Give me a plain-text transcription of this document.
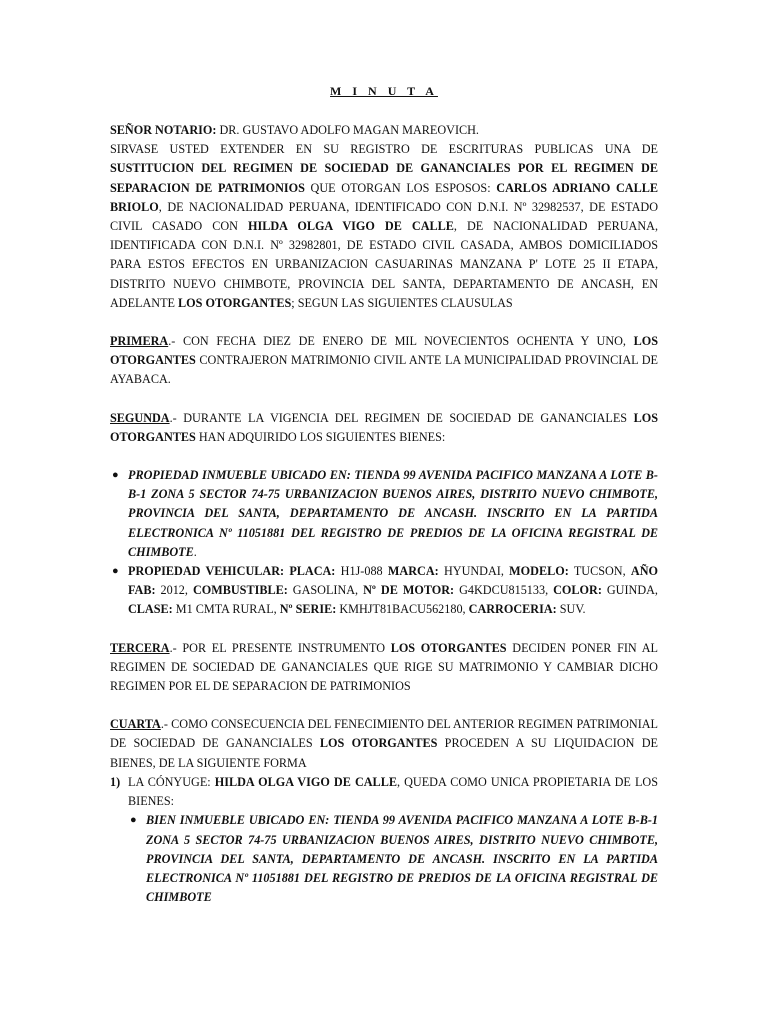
M I N U T A

SEÑOR NOTARIO: DR. GUSTAVO ADOLFO MAGAN MAREOVICH.

SIRVASE USTED EXTENDER EN SU REGISTRO DE ESCRITURAS PUBLICAS UNA DE SUSTITUCION DEL REGIMEN DE SOCIEDAD DE GANANCIALES POR EL REGIMEN DE SEPARACION DE PATRIMONIOS QUE OTORGAN LOS ESPOSOS: CARLOS ADRIANO CALLE BRIOLO, DE NACIONALIDAD PERUANA, IDENTIFICADO CON D.N.I. Nº 32982537, DE ESTADO CIVIL CASADO CON HILDA OLGA VIGO DE CALLE, DE NACIONALIDAD PERUANA, IDENTIFICADA CON D.N.I. Nº 32982801, DE ESTADO CIVIL CASADA, AMBOS DOMICILIADOS PARA ESTOS EFECTOS EN URBANIZACION CASUARINAS MANZANA P' LOTE 25 II ETAPA, DISTRITO NUEVO CHIMBOTE, PROVINCIA DEL SANTA, DEPARTAMENTO DE ANCASH, EN ADELANTE LOS OTORGANTES; SEGUN LAS SIGUIENTES CLAUSULAS

PRIMERA.- CON FECHA DIEZ DE ENERO DE MIL NOVECIENTOS OCHENTA Y UNO, LOS OTORGANTES CONTRAJERON MATRIMONIO CIVIL ANTE LA MUNICIPALIDAD PROVINCIAL DE AYABACA.

SEGUNDA.- DURANTE LA VIGENCIA DEL REGIMEN DE SOCIEDAD DE GANANCIALES LOS OTORGANTES HAN ADQUIRIDO LOS SIGUIENTES BIENES:

● PROPIEDAD INMUEBLE UBICADO EN: TIENDA 99 AVENIDA PACIFICO MANZANA A LOTE B-B-1 ZONA 5 SECTOR 74-75 URBANIZACION BUENOS AIRES, DISTRITO NUEVO CHIMBOTE, PROVINCIA DEL SANTA, DEPARTAMENTO DE ANCASH. INSCRITO EN LA PARTIDA ELECTRONICA Nº 11051881 DEL REGISTRO DE PREDIOS DE LA OFICINA REGISTRAL DE CHIMBOTE.
● PROPIEDAD VEHICULAR: PLACA: H1J-088 MARCA: HYUNDAI, MODELO: TUCSON, AÑO FAB: 2012, COMBUSTIBLE: GASOLINA, Nº DE MOTOR: G4KDCU815133, COLOR: GUINDA, CLASE: M1 CMTA RURAL, Nº SERIE: KMHJT81BACU562180, CARROCERIA: SUV.

TERCERA.- POR EL PRESENTE INSTRUMENTO LOS OTORGANTES DECIDEN PONER FIN AL REGIMEN DE SOCIEDAD DE GANANCIALES QUE RIGE SU MATRIMONIO Y CAMBIAR DICHO REGIMEN POR EL DE SEPARACION DE PATRIMONIOS

CUARTA.- COMO CONSECUENCIA DEL FENECIMIENTO DEL ANTERIOR REGIMEN PATRIMONIAL DE SOCIEDAD DE GANANCIALES LOS OTORGANTES PROCEDEN A SU LIQUIDACION DE BIENES, DE LA SIGUIENTE FORMA

1) LA CÓNYUGE: HILDA OLGA VIGO DE CALLE, QUEDA COMO UNICA PROPIETARIA DE LOS BIENES:
● BIEN INMUEBLE UBICADO EN: TIENDA 99 AVENIDA PACIFICO MANZANA A LOTE B-B-1 ZONA 5 SECTOR 74-75 URBANIZACION BUENOS AIRES, DISTRITO NUEVO CHIMBOTE, PROVINCIA DEL SANTA, DEPARTAMENTO DE ANCASH. INSCRITO EN LA PARTIDA ELECTRONICA Nº 11051881 DEL REGISTRO DE PREDIOS DE LA OFICINA REGISTRAL DE CHIMBOTE
